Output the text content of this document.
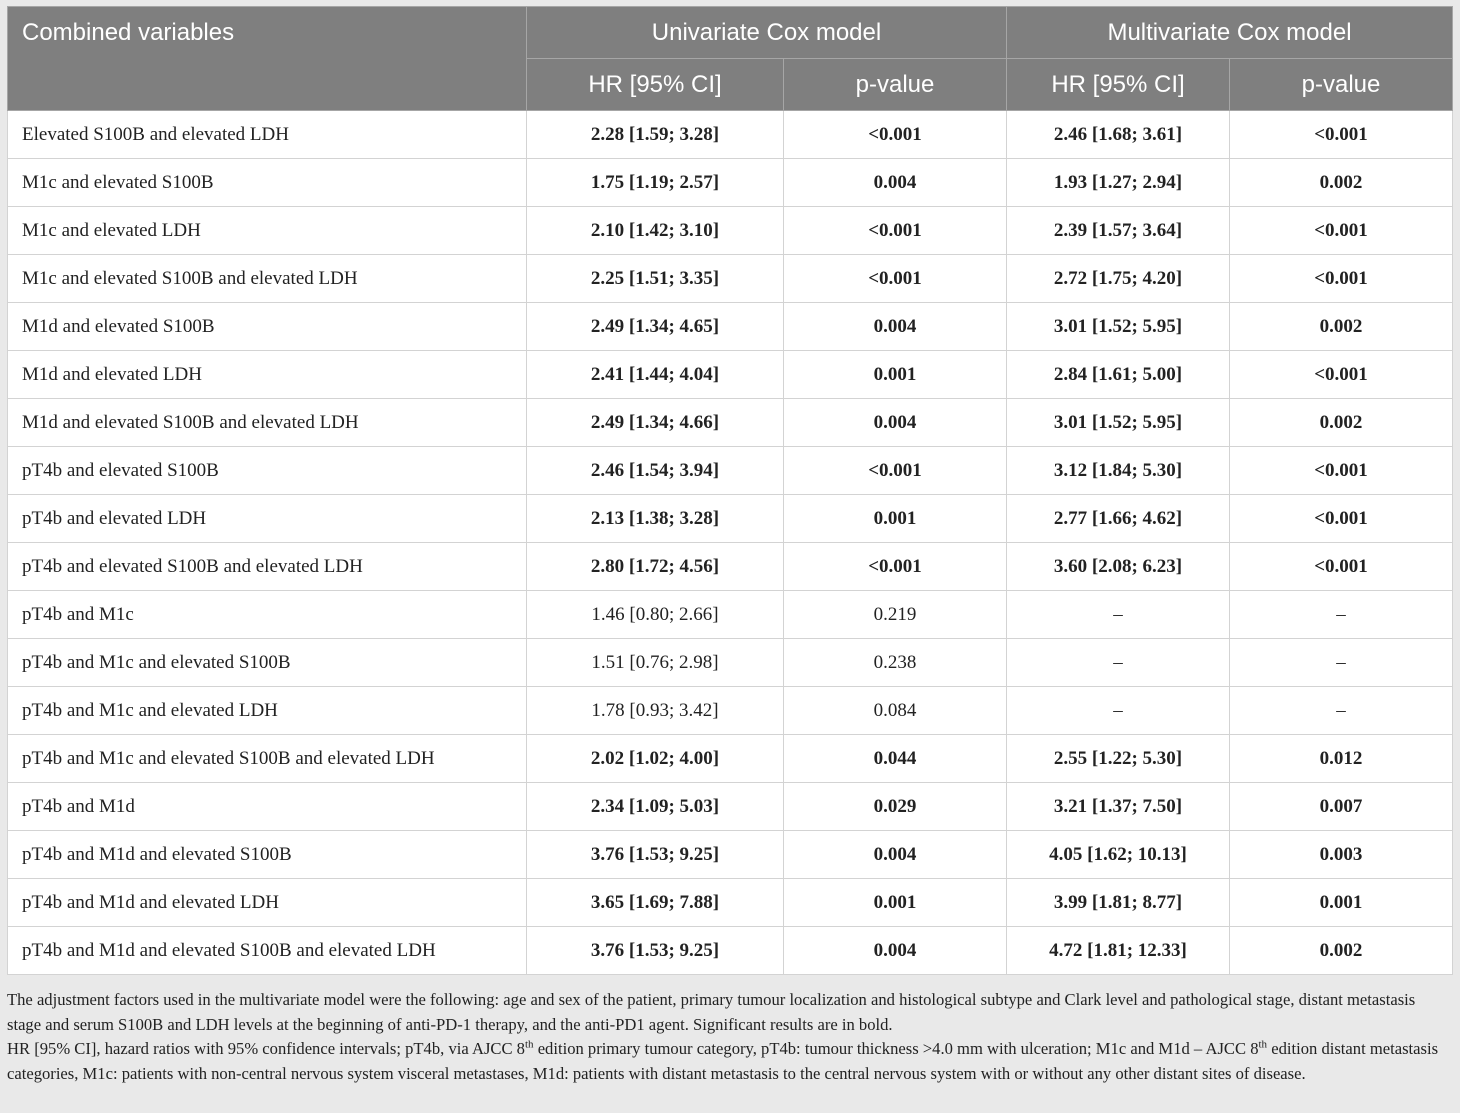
Combined variables	Univariate Cox model		Multivariate Cox model	
	HR [95% CI]	p-value	HR [95% CI]	p-value
Elevated S100B and elevated LDH	2.28 [1.59; 3.28]	<0.001	2.46 [1.68; 3.61]	<0.001
M1c and elevated S100B	1.75 [1.19; 2.57]	0.004	1.93 [1.27; 2.94]	0.002
M1c and elevated LDH	2.10 [1.42; 3.10]	<0.001	2.39 [1.57; 3.64]	<0.001
M1c and elevated S100B and elevated LDH	2.25 [1.51; 3.35]	<0.001	2.72 [1.75; 4.20]	<0.001
M1d and elevated S100B	2.49 [1.34; 4.65]	0.004	3.01 [1.52; 5.95]	0.002
M1d and elevated LDH	2.41 [1.44; 4.04]	0.001	2.84 [1.61; 5.00]	<0.001
M1d and elevated S100B and elevated LDH	2.49 [1.34; 4.66]	0.004	3.01 [1.52; 5.95]	0.002
pT4b and elevated S100B	2.46 [1.54; 3.94]	<0.001	3.12 [1.84; 5.30]	<0.001
pT4b and elevated LDH	2.13 [1.38; 3.28]	0.001	2.77 [1.66; 4.62]	<0.001
pT4b and elevated S100B and elevated LDH	2.80 [1.72; 4.56]	<0.001	3.60 [2.08; 6.23]	<0.001
pT4b and M1c	1.46 [0.80; 2.66]	0.219	–	–
pT4b and M1c and elevated S100B	1.51 [0.76; 2.98]	0.238	–	–
pT4b and M1c and elevated LDH	1.78 [0.93; 3.42]	0.084	–	–
pT4b and M1c and elevated S100B and elevated LDH	2.02 [1.02; 4.00]	0.044	2.55 [1.22; 5.30]	0.012
pT4b and M1d	2.34 [1.09; 5.03]	0.029	3.21 [1.37; 7.50]	0.007
pT4b and M1d and elevated S100B	3.76 [1.53; 9.25]	0.004	4.05 [1.62; 10.13]	0.003
pT4b and M1d and elevated LDH	3.65 [1.69; 7.88]	0.001	3.99 [1.81; 8.77]	0.001
pT4b and M1d and elevated S100B and elevated LDH	3.76 [1.53; 9.25]	0.004	4.72 [1.81; 12.33]	0.002

The adjustment factors used in the multivariate model were the following: age and sex of the patient, primary tumour localization and histological subtype and Clark level and pathological stage, distant metastasis stage and serum S100B and LDH levels at the beginning of anti-PD-1 therapy, and the anti-PD1 agent. Significant results are in bold.

HR [95% CI], hazard ratios with 95% confidence intervals; pT4b, via AJCC 8th edition primary tumour category, pT4b: tumour thickness >4.0 mm with ulceration; M1c and M1d – AJCC 8th edition distant metastasis categories, M1c: patients with non-central nervous system visceral metastases, M1d: patients with distant metastasis to the central nervous system with or without any other distant sites of disease.
